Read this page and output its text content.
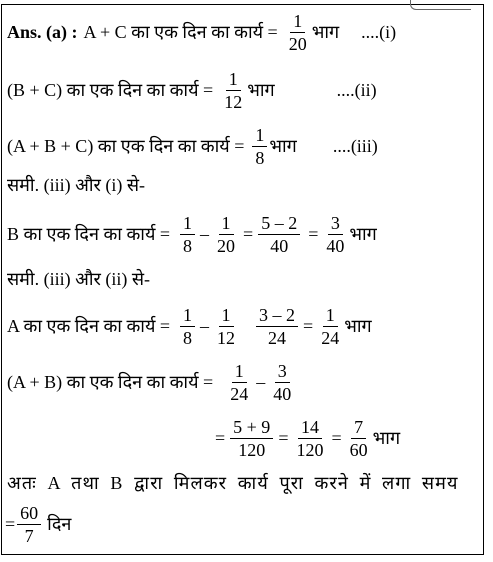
Ans. (a) : A + C का एक दिन का कार्य = $\frac{1}{20}$ भाग ....(i)
(B + C) का एक दिन का कार्य = $\frac{1}{12}$ भाग	....(ii)
(A + B + C) का एक दिन का कार्य = $\frac{1}{8}$ भाग ....(iii)
समी. (iii) और (i) से-
B का एक दिन का कार्य = $\frac{1}{8} - \frac{1}{20} = \frac{5 - 2}{40} = \frac{3}{40}$ भाग
समी. (iii) और (ii) से-
A का एक दिन का कार्य = $\frac{1}{8} - \frac{1}{12} \frac{3 - 2}{24} = \frac{1}{24}$ भाग
(A + B) का एक दिन का कार्य = $\frac{1}{24} - \frac{3}{40}$
= $\frac{5 + 9}{120} = \frac{14}{120} = \frac{7}{60}$ भाग
अतः A तथा B द्वारा मिलकर कार्य पूरा करने में लगा समय
= $\frac{60}{7}$ दिन
